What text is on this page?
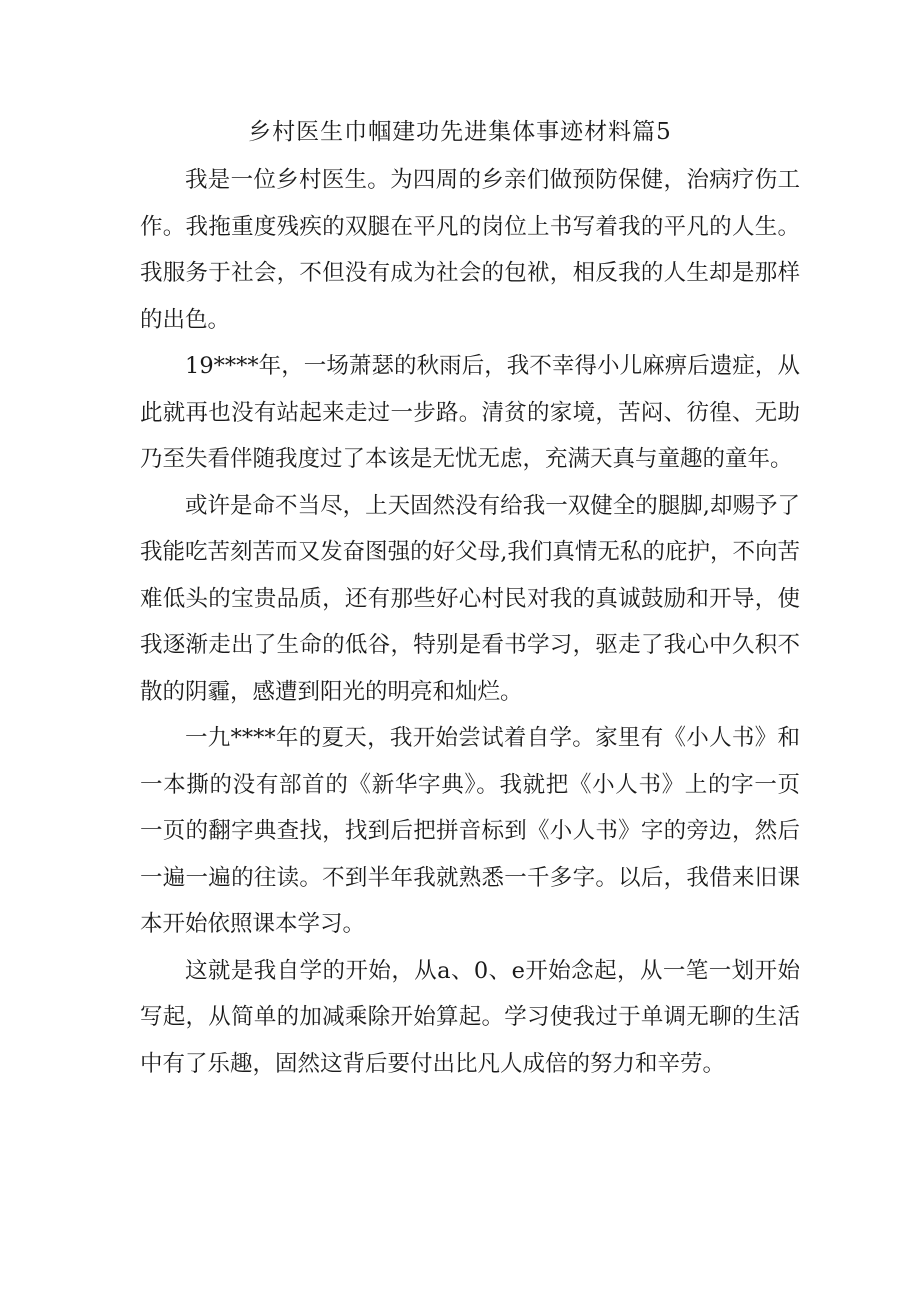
乡村医生巾帼建功先进集体事迹材料篇5

我是一位乡村医生。为四周的乡亲们做预防保健，治病疗伤工作。我拖重度残疾的双腿在平凡的岗位上书写着我的平凡的人生。我服务于社会，不但没有成为社会的包袱，相反我的人生却是那样的出色。

19****年，一场萧瑟的秋雨后，我不幸得小儿麻痹后遗症，从此就再也没有站起来走过一步路。清贫的家境，苦闷、彷徨、无助乃至失看伴随我度过了本该是无忧无虑，充满天真与童趣的童年。

或许是命不当尽，上天固然没有给我一双健全的腿脚,却赐予了我能吃苦刻苦而又发奋图强的好父母,我们真情无私的庇护，不向苦难低头的宝贵品质，还有那些好心村民对我的真诚鼓励和开导，使我逐渐走出了生命的低谷，特别是看书学习，驱走了我心中久积不散的阴霾，感遭到阳光的明亮和灿烂。

一九****年的夏天，我开始尝试着自学。家里有《小人书》和一本撕的没有部首的《新华字典》。我就把《小人书》上的字一页一页的翻字典查找，找到后把拼音标到《小人书》字的旁边，然后一遍一遍的往读。不到半年我就熟悉一千多字。以后，我借来旧课本开始依照课本学习。

这就是我自学的开始，从a、0、e开始念起，从一笔一划开始写起，从简单的加减乘除开始算起。学习使我过于单调无聊的生活中有了乐趣，固然这背后要付出比凡人成倍的努力和辛劳。
